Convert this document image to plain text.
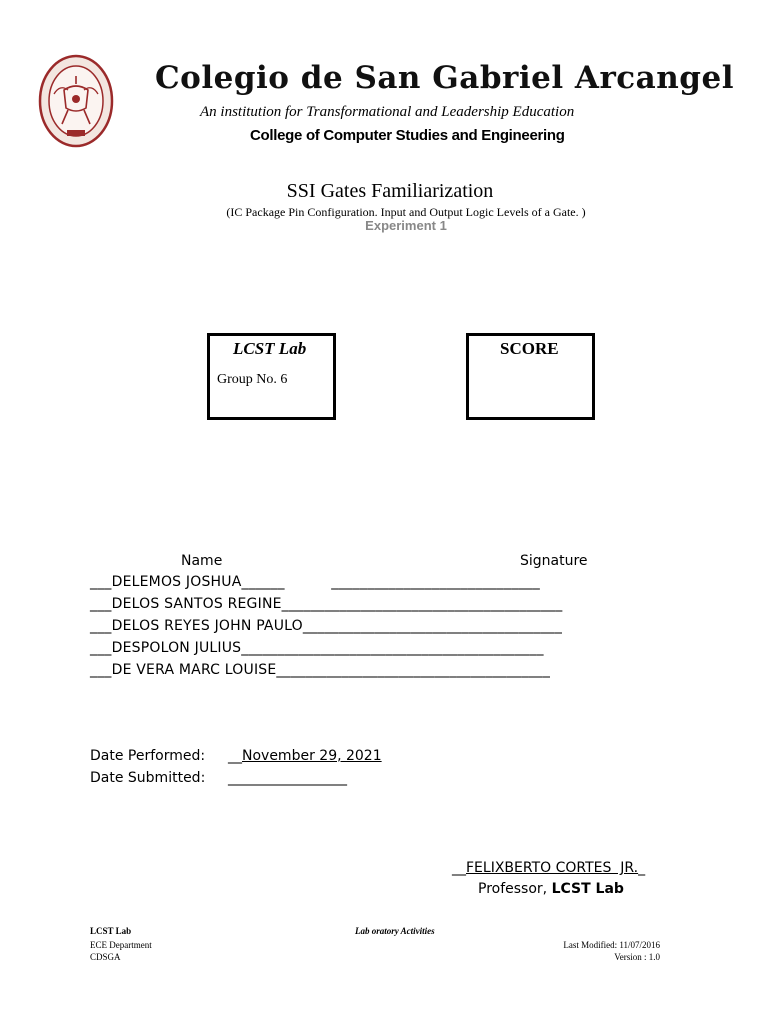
Colegio de San Gabriel Arcangel
An institution for Transformational and Leadership Education
College of Computer Studies and Engineering
SSI Gates Familiarization
(IC Package Pin Configuration. Input and Output Logic Levels of a Gate. )
Experiment 1
LCST Lab
Group No. 6
SCORE
Name	Signature
___DELEMOS JOSHUA______          _____________________________
___DELOS SANTOS REGINE_______________________________________
___DELOS REYES JOHN PAULO____________________________________
___DESPOLON JULIUS__________________________________________
___DE VERA MARC LOUISE______________________________________
Date Performed: __November 29, 2021
Date Submitted: _________________
__FELIXBERTO CORTES  JR._
Professor, LCST Lab
LCST Lab
ECE Department
CDSGA
Lab oratory Activities
Last Modified: 11/07/2016
Version : 1.0
